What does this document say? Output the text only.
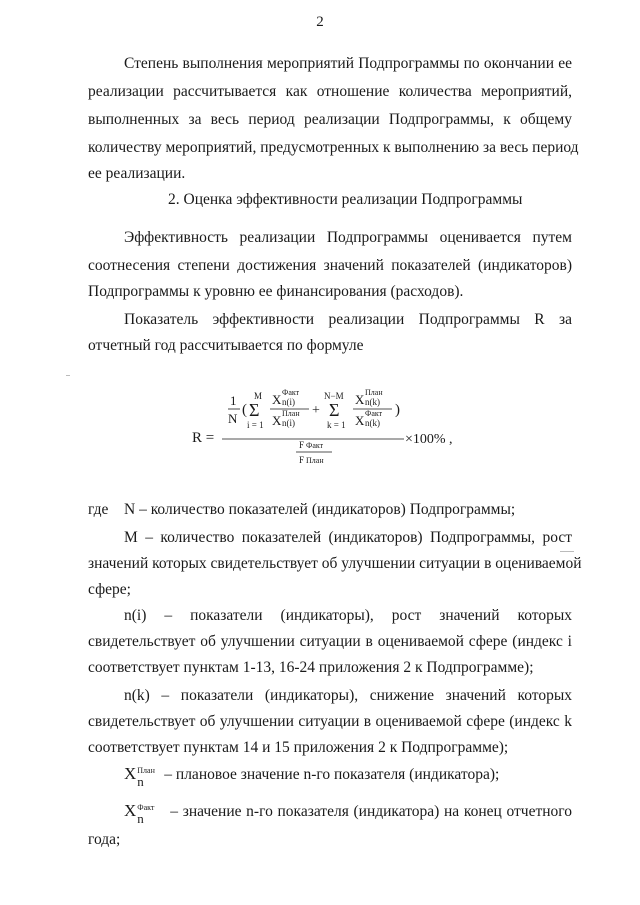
2
Степень выполнения мероприятий Подпрограммы по окончании ее
реализации рассчитывается как отношение количества мероприятий,
выполненных за весь период реализации Подпрограммы, к общему
количеству мероприятий, предусмотренных к выполнению за весь период
ее реализации.
2. Оценка эффективности реализации Подпрограммы
Эффективность реализации Подпрограммы оценивается путем
соотнесения степени достижения значений показателей (индикаторов)
Подпрограммы к уровню ее финансирования (расходов).
Показатель эффективности реализации Подпрограммы R за
отчетный год рассчитывается по формуле
R =
1
N
(
M
Σ
i = 1
X Факт
n(i)
X План
n(i)
+
N−M
Σ
k = 1
X План
n(k)
X Факт
n(k)
)
F Факт
F План
×100% ,
где	N – количество показателей (индикаторов) Подпрограммы;
M – количество показателей (индикаторов) Подпрограммы, рост
значений которых свидетельствует об улучшении ситуации в оцениваемой
сфере;
n(i) – показатели (индикаторы), рост значений которых
свидетельствует об улучшении ситуации в оцениваемой сфере (индекс i
соответствует пунктам 1-13, 16-24 приложения 2 к Подпрограмме);
n(k) – показатели (индикаторы), снижение значений которых
свидетельствует об улучшении ситуации в оцениваемой сфере (индекс k
соответствует пунктам 14 и 15 приложения 2 к Подпрограмме);
X План
n – плановое значение n-го показателя (индикатора);
X Факт
n – значение n-го показателя (индикатора) на конец отчетного
года;
